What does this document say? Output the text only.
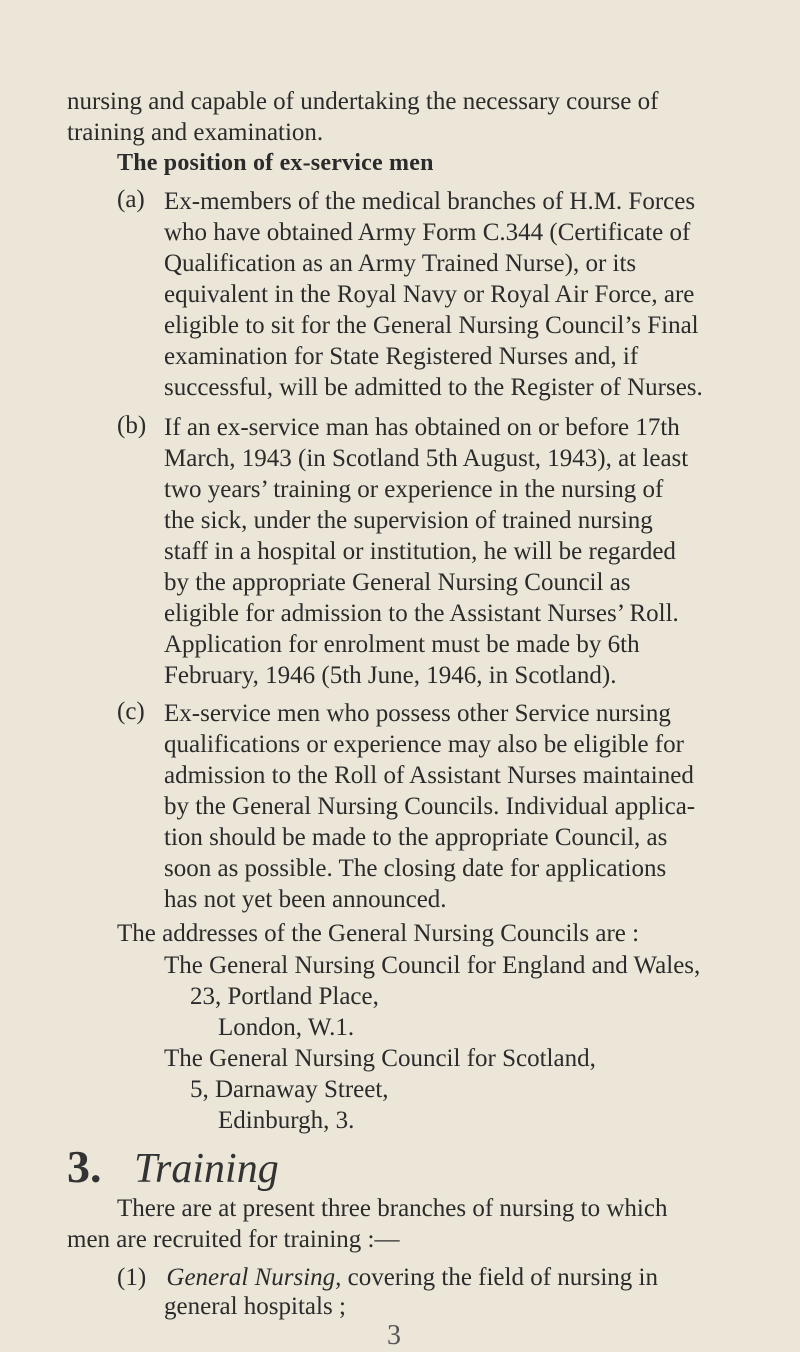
nursing and capable of undertaking the necessary course of

training and examination.

The position of ex-service men

(a) Ex-members of the medical branches of H.M. Forces

who have obtained Army Form C.344 (Certificate of

Qualification as an Army Trained Nurse), or its

equivalent in the Royal Navy or Royal Air Force, are

eligible to sit for the General Nursing Council’s Final

examination for State Registered Nurses and, if

successful, will be admitted to the Register of Nurses.

(b) If an ex-service man has obtained on or before 17th

March, 1943 (in Scotland 5th August, 1943), at least

two years’ training or experience in the nursing of

the sick, under the supervision of trained nursing

staff in a hospital or institution, he will be regarded

by the appropriate General Nursing Council as

eligible for admission to the Assistant Nurses’ Roll.

Application for enrolment must be made by 6th

February, 1946 (5th June, 1946, in Scotland).

(c) Ex-service men who possess other Service nursing

qualifications or experience may also be eligible for

admission to the Roll of Assistant Nurses maintained

by the General Nursing Councils. Individual applica-

tion should be made to the appropriate Council, as

soon as possible. The closing date for applications

has not yet been announced.

The addresses of the General Nursing Councils are :

The General Nursing Council for England and Wales,

23, Portland Place,

London, W.1.

The General Nursing Council for Scotland,

5, Darnaway Street,

Edinburgh, 3.

3. Training

There are at present three branches of nursing to which

men are recruited for training :—

(1) General Nursing, covering the field of nursing in
general hospitals ;
3
